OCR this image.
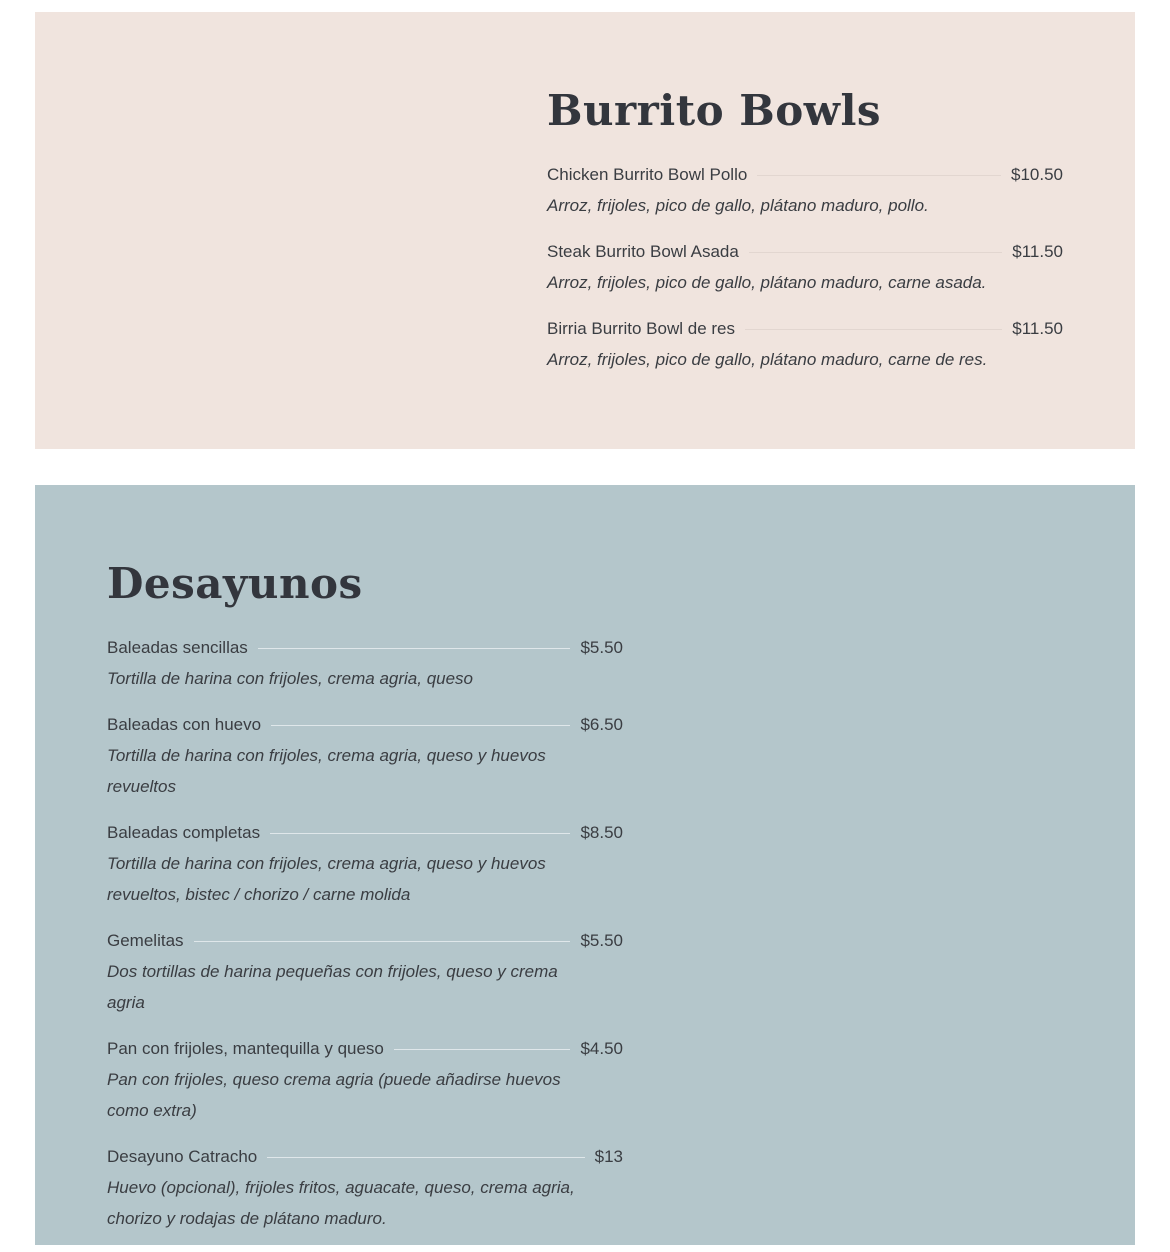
Burrito Bowls
Chicken Burrito Bowl Pollo	$10.50

Arroz, frijoles, pico de gallo, plátano maduro, pollo.

Steak Burrito Bowl Asada	$11.50

Arroz, frijoles, pico de gallo, plátano maduro, carne asada.

Birria Burrito Bowl de res	$11.50

Arroz, frijoles, pico de gallo, plátano maduro, carne de res.

Desayunos
Baleadas sencillas	$5.50

Tortilla de harina con frijoles, crema agria, queso

Baleadas con huevo	$6.50

Tortilla de harina con frijoles, crema agria, queso y huevos revueltos

Baleadas completas	$8.50

Tortilla de harina con frijoles, crema agria, queso y huevos revueltos, bistec / chorizo / carne molida

Gemelitas	$5.50

Dos tortillas de harina pequeñas con frijoles, queso y crema agria

Pan con frijoles, mantequilla y queso	$4.50

Pan con frijoles, queso crema agria (puede añadirse huevos como extra)

Desayuno Catracho	$13

Huevo (opcional), frijoles fritos, aguacate, queso, crema agria, chorizo y rodajas de plátano maduro.
